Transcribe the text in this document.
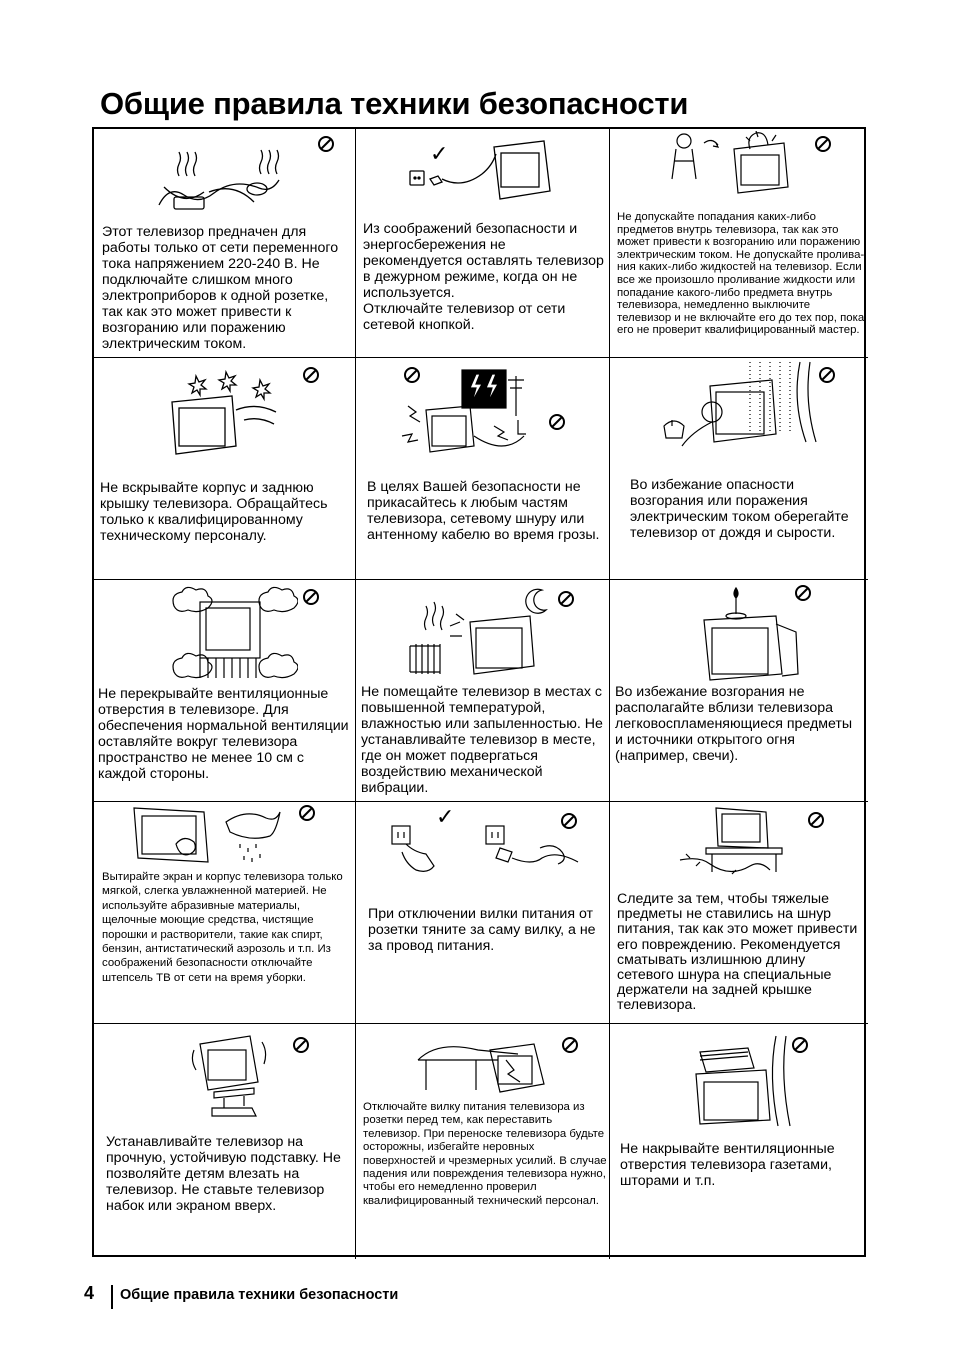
Общие правила техники безопасности

Этот телевизор предначен для работы только от сети переменного тока напряжением 220-240 В. Не подключайте слишком много электроприборов к одной розетке, так как это может привести к возгоранию или поражению электрическим током.

✓

Из соображений безопасности и энергосбережения не рекомендуется оставлять телевизор в дежурном режиме, когда он не используется.
Отключайте телевизор от сети сетевой кнопкой.

Не допускайте попадания каких-либо предметов внутрь телевизора, так как это может привести к возгоранию или поражению электрическим током. Не допускайте проливания каких-либо жидкостей на телевизор. Если все же произошло проливание жидкости или попадание какого-либо предмета внутрь телевизора, немедленно выключите телевизор и не включайте его до тех пор, пока его не проверит квалифицированный мастер.

Не вскрывайте корпус и заднюю крышку телевизора. Обращайтесь только к квалифицированному техническому персоналу.

В целях Вашей безопасности не прикасайтесь к любым частям телевизора, сетевому шнуру или антенному кабелю во время грозы.

Во избежание опасности возгорания или поражения электрическим током оберегайте телевизор от дождя и сырости.

Не перекрывайте вентиляционные отверстия в телевизоре. Для обеспечения нормальной вентиляции оставляйте вокруг телевизора пространство не менее 10 см с каждой стороны.

Не помещайте телевизор в местах с повышенной температурой, влажностью или запыленностью. Не устанавливайте телевизор в месте, где он может подвергаться воздействию механической вибрации.

Во избежание возгорания не располагайте вблизи телевизора легковоспламеняющиеся предметы и источники открытого огня (например, свечи).

Вытирайте экран и корпус телевизора только мягкой, слегка увлажненной материей. Не используйте абразивные материалы, щелочные моющие средства, чистящие порошки и растворители, такие как спирт, бензин, антистатический аэрозоль и т.п. Из соображений безопасности отключайте штепсель ТВ от сети на время уборки.

✓

При отключении вилки питания от розетки тяните за саму вилку, а не за провод питания.

Следите за тем, чтобы тяжелые предметы не ставились на шнур питания, так как это может привести его повреждению. Рекомендуется сматывать излишнюю длину сетевого шнура на специальные держатели на задней крышке телевизора.

Устанавливайте телевизор на прочную, устойчивую подставку. Не позволяйте детям влезать на телевизор. Не ставьте телевизор набок или экраном вверх.

Отключайте вилку питания телевизора из розетки перед тем, как переставить телевизор. При переноске телевизора будьте осторожны, избегайте неровных поверхностей и чрезмерных усилий. В случае падения или повреждения телевизора нужно, чтобы его немедленно проверил квалифицированный технический персонал.

Не накрывайте вентиляционные отверстия телевизора газетами, шторами и т.п.

4 Общие правила техники безопасности
